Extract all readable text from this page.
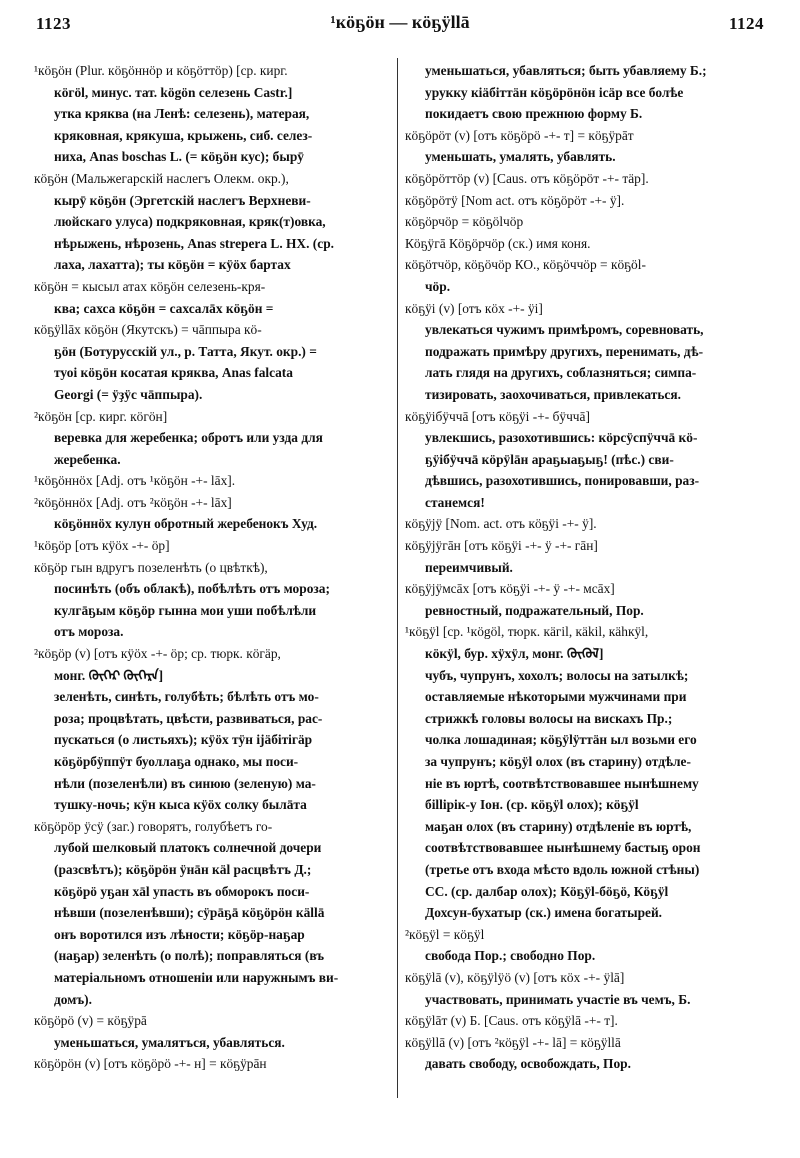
1123	¹кӧҕӧн — кӧҕӱllā	1124
¹кӧҕӧн (Plur. кӧҕӧннӧр и кӧҕӧттӧр) [ср. кирг.
кӧгӧl, минус. тат. kӧgӧn селезень Castr.]
утка кряква (на Ленѣ: селезень), матерая,
кряковная, крякуша, крыжень, сиб. селез-
ниха, Anas boschas L. (= кӧҕӧн кус); бырӯ
кӧҕӧн (Мальжегарскій наслегъ Олекм. окр.),
кырӯ кӧҕӧн (Эргетскій наслегъ Верхневи-
люйскаго улуса) подкряковная, кряк(т)овка,
нѣрыжень, нѣрозень, Anas strepera L. НХ. (ср.
лаха, лахатта); ты кӧҕӧн = кӱӧх бартах
кӧҕӧн = кысыл атах кӧҕӧн селезень-кря-
ква; сахса кӧҕӧн = сахсалāх кӧҕӧн =
кӧҕӱllāх кӧҕӧн (Якутскъ) = чāппыра кӧ-
ҕӧн (Ботурусскій ул., р. Татта, Якут. окр.) =
туоі кӧҕӧн косатая кряква, Anas falcata
Georgi (= ӱҙӱс чāппыра).
²кӧҕӧн [ср. кирг. кӧгӧн]
веревка для жеребенка; обротъ или узда для
жеребенка.
¹кӧҕӧннӧх [Adj. отъ ¹кӧҕӧн -+- lāх].
²кӧҕӧннӧх [Adj. отъ ²кӧҕӧн -+- lāх]
кӧҕӧннӧх кулун обротный жеребенокъ Худ.
¹кӧҕӧр [отъ кӱӧх -+- ӧр]
кӧҕӧр гын вдругъ позеленѣть (о цвѣткѣ),
посинѣть (объ облакѣ), побѣлѣть отъ мороза;
кулгāҕым кӧҕӧр гынна мои уши побѣлѣли
отъ мороза.
²кӧҕӧр (v) [отъ кӱӧх -+- ӧр; ср. тюрк. кӧгäр,
монг. ᠬᠥᠬᠡᠷ ᠬᠥᠬᠡᠷᠡ]
зеленѣть, синѣть, голубѣть; бѣлѣть отъ мо-
роза; процвѣтать, цвѣсти, развиваться, рас-
пускаться (о листьяхъ); кӱӧх тӱн іјäбітігäр
кӧҕӧрбӱппӱт буоллаҕа однако, мы поси-
нѣли (позеленѣли) въ синюю (зеленую) ма-
тушку-ночь; кӱн кыса кӱӧх солку былāта
кӧҕӧрӧр ӱсӱ (заг.) говорятъ, голубѣетъ го-
лубой шелковый платокъ солнечной дочери
(разсвѣтъ); кӧҕӧрӧн ӱнāн кäl расцвѣтъ Д.;
кӧҕӧрӧ уҕан хāl упасть въ обморокъ поси-
нѣвши (позеленѣвши); сӱрāҕā кӧҕӧрӧн кällā
онъ воротился изъ лѣности; кӧҕӧр-наҕар
(наҕар) зеленѣть (о полѣ); поправляться (въ
матеріальномъ отношеніи или наружнымъ ви-
домъ).
кӧҕӧрӧ (v) = кӧҕӱрā
уменьшаться, умалятъся, убавляться.
кӧҕӧрӧн (v) [отъ кӧҕӧрӧ -+- н] = кӧҕӱрāн
уменьшаться, убавляться; быть убавляему Б.;
урукку кiäбiттäн кӧҕӧрӧнӧн ісäр все болѣе
покидаетъ свою прежнюю форму Б.
кӧҕӧрӧт (v) [отъ кӧҕӧрӧ -+- т] = кӧҕӱрāт
уменьшать, умалять, убавлять.
кӧҕӧрӧттӧр (v) [Caus. отъ кӧҕӧрӧт -+- тäр].
кӧҕӧрӧтӱ [Nom act. отъ кӧҕӧрӧт -+- ӱ].
кӧҕӧрчӧр = кӧҕӧlчӧр
Кӧҕӱгā Кӧҕӧрчӧр (ск.) имя коня.
кӧҕӧтчӧр, кӧҕӧчӧр КО., кӧҕӧччӧр = кӧҕӧl-
чӧр.
кӧҕӱі (v) [отъ кӧх -+- ӱі]
увлекаться чужимъ примѣромъ, соревновать,
подражать примѣру другихъ, перенимать, дѣ-
лать глядя на другихъ, соблазняться; симпа-
тизировать, заохочиваться, привлекаться.
кӧҕӱібӱччā [отъ кӧҕӱі -+- бӱччā]
увлекшись, разохотившись: кӧрсӱспӱччā кӧ-
ҕӱібӱччā кӧрӱlāн араҕыаҕыҕ! (пѣс.) сви-
дѣвшись, разохотившись, понировавши, раз-
станемся!
кӧҕӱјӱ [Nom. act. отъ кӧҕӱі -+- ӱ].
кӧҕӱјӱгāн [отъ кӧҕӱі -+- ӱ -+- гāн]
переимчивый.
кӧҕӱјӱмсāх [отъ кӧҕӱі -+- ӱ -+- мсāх]
ревностный, подражательный, Пор.
¹кӧҕӱl [ср. ¹кӧgӧl, тюрк. кäгil, кäkil, кähкӱl,
кӧкӱl, бур. хӱхӱл, монг. ᠬᠥᠬᠦᠯ]
чубъ, чупрунъ, хохолъ; волосы на затылкѣ;
оставляемые нѣкоторыми мужчинами при
стрижкѣ головы волосы на вискахъ Пр.;
чолка лошадиная; кӧҕӱlӱттäн ыл возьми его
за чупрунъ; кӧҕӱl олох (въ старину) отдѣле-
ніе въ юртѣ, соотвѣтствовавшее нынѣшнему
біllірік-у Іон. (ср. кӧҕӱl олох); кӧҕӱl
маҕан олох (въ старину) отдѣленіе въ юртѣ,
соотвѣтствовавшее нынѣшнему бастыҕ орон
(третье отъ входа мѣсто вдоль южной стѣны)
СС. (ср. далбар олох); Кӧҕӱl-бӧҕӧ, Кӧҕӱl
Дохсун-бухатыр (ск.) имена богатырей.
²кӧҕӱl = кӧҕӱl
свобода Пор.; свободно Пор.
кӧҕӱlā (v), кӧҕӱlӱӧ (v) [отъ кӧх -+- ӱlā]
участвовать, принимать участіе въ чемъ, Б.
кӧҕӱlāт (v) Б. [Caus. отъ кӧҕӱlā -+- т].
кӧҕӱllā (v) [отъ ²кӧҕӱl -+- lā] = кӧҕӱllā
давать свободу, освобождать, Пор.
